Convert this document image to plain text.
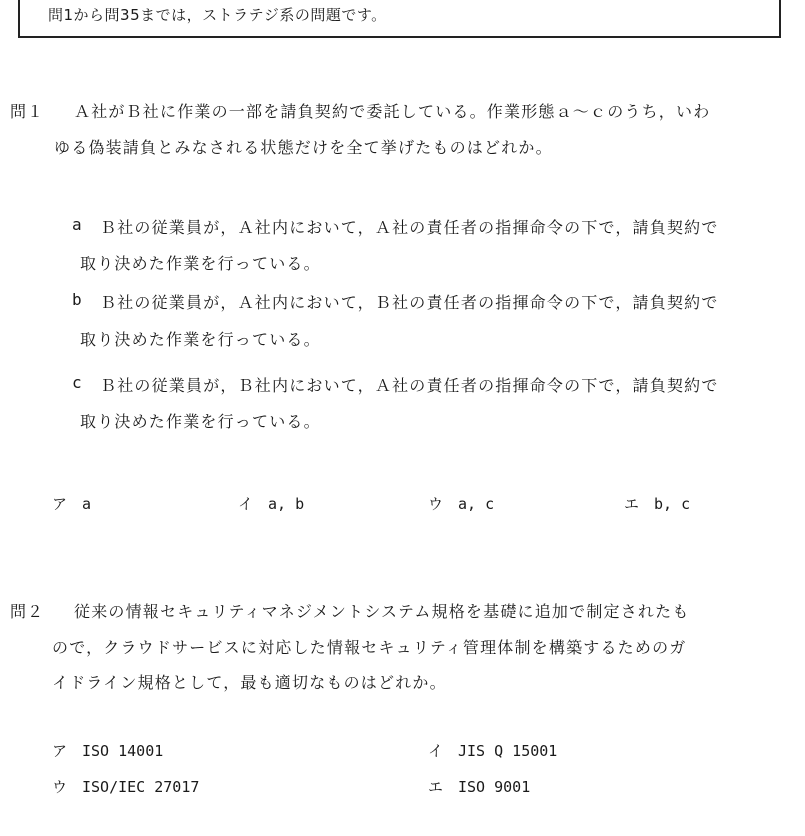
問1から問35までは，ストラテジ系の問題です。
問１ Ａ社がＢ社に作業の一部を請負契約で委託している。作業形態ａ～ｃのうち，いわ
ゆる偽装請負とみなされる状態だけを全て挙げたものはどれか。
a Ｂ社の従業員が，Ａ社内において，Ａ社の責任者の指揮命令の下で，請負契約で
取り決めた作業を行っている。
b Ｂ社の従業員が，Ａ社内において，Ｂ社の責任者の指揮命令の下で，請負契約で
取り決めた作業を行っている。
c Ｂ社の従業員が，Ｂ社内において，Ａ社の責任者の指揮命令の下で，請負契約で
取り決めた作業を行っている。
ア a	イ a, b	ウ a, c	エ b, c
問２ 従来の情報セキュリティマネジメントシステム規格を基礎に追加で制定されたも
ので，クラウドサービスに対応した情報セキュリティ管理体制を構築するためのガ
イドライン規格として，最も適切なものはどれか。
ア ISO 14001	イ JIS Q 15001
ウ ISO/IEC 27017	エ ISO 9001
